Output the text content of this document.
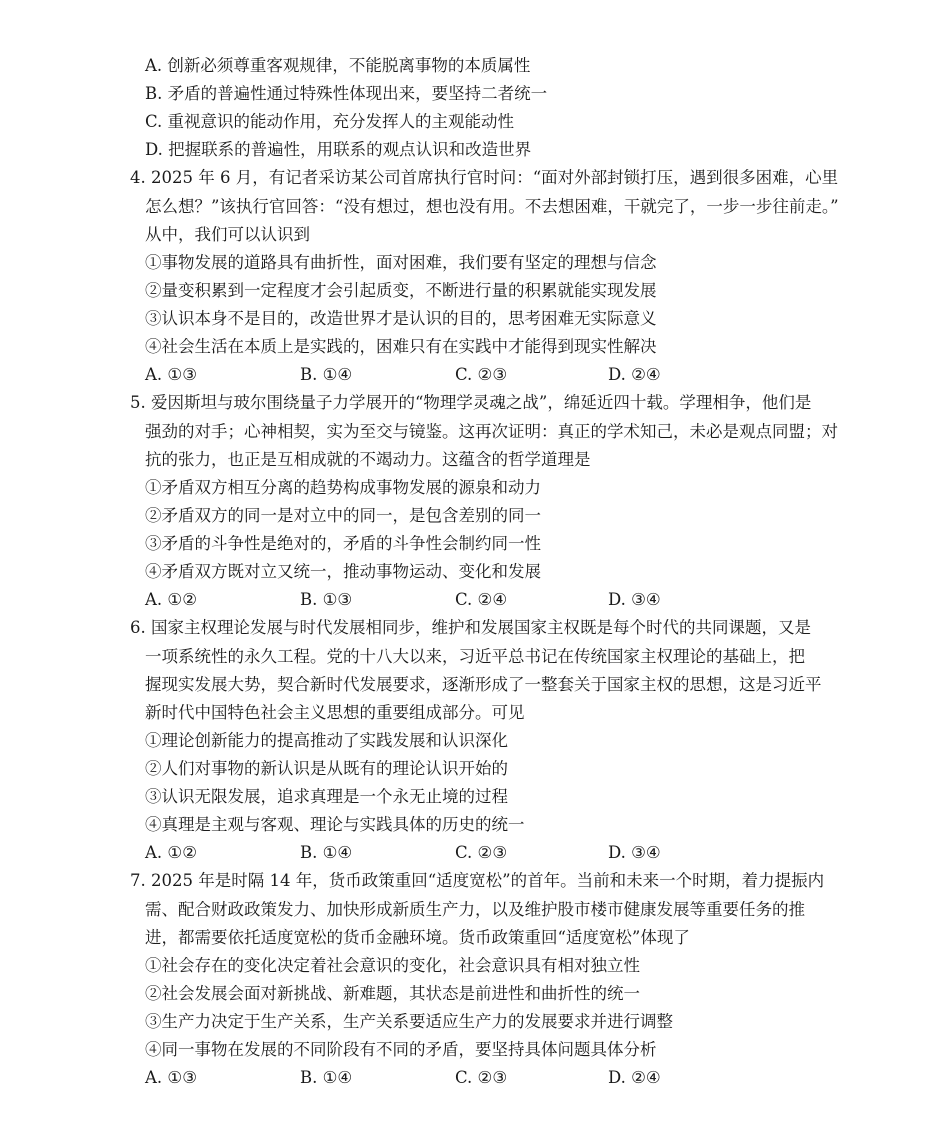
A. 创新必须尊重客观规律，不能脱离事物的本质属性
B. 矛盾的普遍性通过特殊性体现出来，要坚持二者统一
C. 重视意识的能动作用，充分发挥人的主观能动性
D. 把握联系的普遍性，用联系的观点认识和改造世界
4. 2025 年 6 月，有记者采访某公司首席执行官时问：“面对外部封锁打压，遇到很多困难，心里
怎么想？”该执行官回答：“没有想过，想也没有用。不去想困难，干就完了，一步一步往前走。”
从中，我们可以认识到
①事物发展的道路具有曲折性，面对困难，我们要有坚定的理想与信念
②量变积累到一定程度才会引起质变，不断进行量的积累就能实现发展
③认识本身不是目的，改造世界才是认识的目的，思考困难无实际意义
④社会生活在本质上是实践的，困难只有在实践中才能得到现实性解决
A. ①③	B. ①④	C. ②③	D. ②④
5. 爱因斯坦与玻尔围绕量子力学展开的“物理学灵魂之战”，绵延近四十载。学理相争，他们是
强劲的对手；心神相契，实为至交与镜鉴。这再次证明：真正的学术知己，未必是观点同盟；对
抗的张力，也正是互相成就的不竭动力。这蕴含的哲学道理是
①矛盾双方相互分离的趋势构成事物发展的源泉和动力
②矛盾双方的同一是对立中的同一，是包含差别的同一
③矛盾的斗争性是绝对的，矛盾的斗争性会制约同一性
④矛盾双方既对立又统一，推动事物运动、变化和发展
A. ①②	B. ①③	C. ②④	D. ③④
6. 国家主权理论发展与时代发展相同步，维护和发展国家主权既是每个时代的共同课题，又是
一项系统性的永久工程。党的十八大以来，习近平总书记在传统国家主权理论的基础上，把
握现实发展大势，契合新时代发展要求，逐渐形成了一整套关于国家主权的思想，这是习近平
新时代中国特色社会主义思想的重要组成部分。可见
①理论创新能力的提高推动了实践发展和认识深化
②人们对事物的新认识是从既有的理论认识开始的
③认识无限发展，追求真理是一个永无止境的过程
④真理是主观与客观、理论与实践具体的历史的统一
A. ①②	B. ①④	C. ②③	D. ③④
7. 2025 年是时隔 14 年，货币政策重回“适度宽松”的首年。当前和未来一个时期，着力提振内
需、配合财政政策发力、加快形成新质生产力，以及维护股市楼市健康发展等重要任务的推
进，都需要依托适度宽松的货币金融环境。货币政策重回“适度宽松”体现了
①社会存在的变化决定着社会意识的变化，社会意识具有相对独立性
②社会发展会面对新挑战、新难题，其状态是前进性和曲折性的统一
③生产力决定于生产关系，生产关系要适应生产力的发展要求并进行调整
④同一事物在发展的不同阶段有不同的矛盾，要坚持具体问题具体分析
A. ①③	B. ①④	C. ②③	D. ②④
